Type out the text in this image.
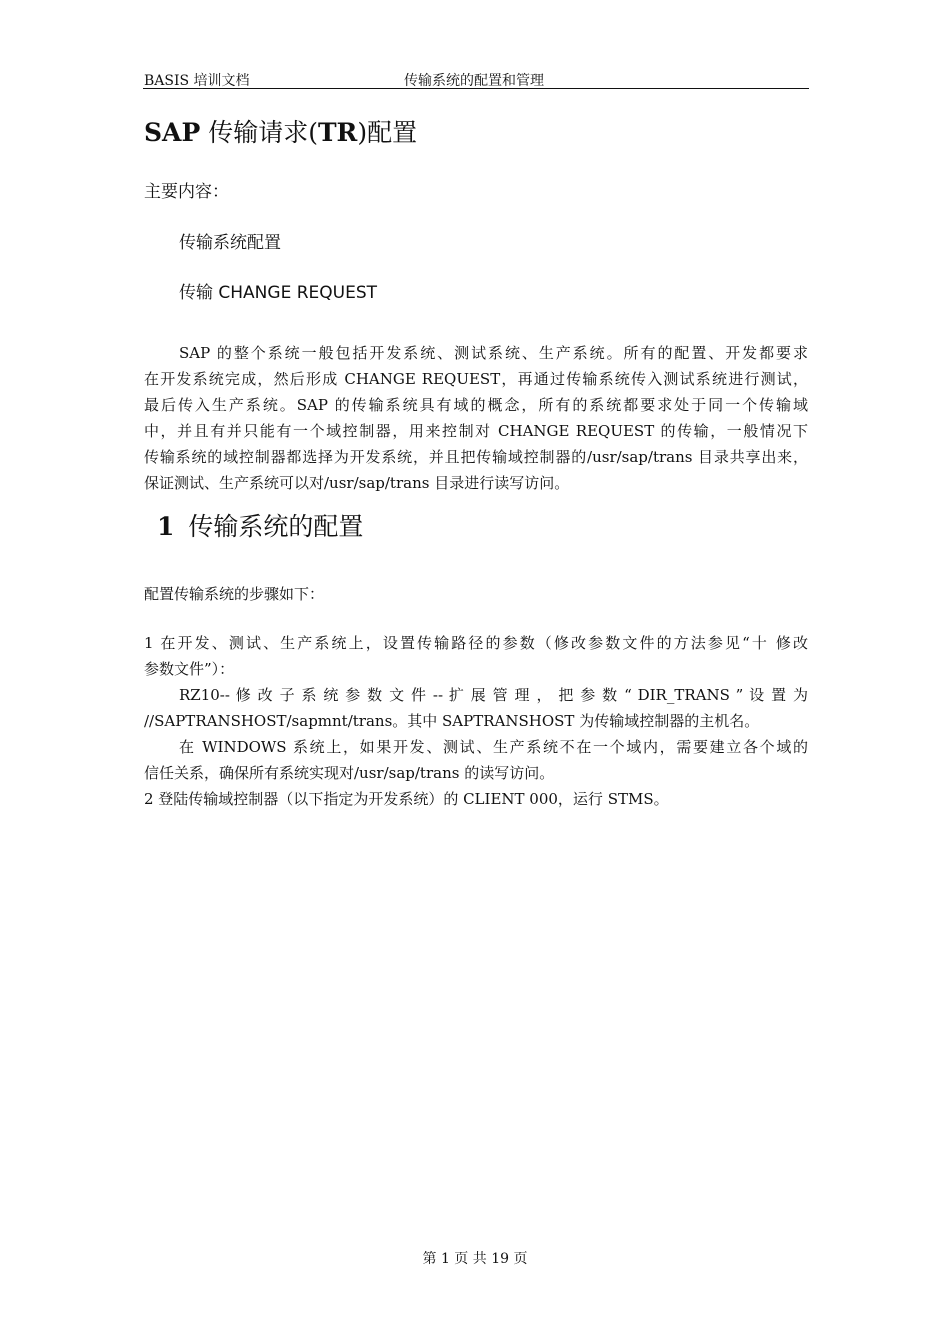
BASIS 培训文档	传输系统的配置和管理
SAP 传输请求(TR)配置
主要内容：
传输系统配置
传输 CHANGE REQUEST
SAP 的整个系统一般包括开发系统、测试系统、生产系统。所有的配置、开发都要求
在开发系统完成，然后形成 CHANGE REQUEST，再通过传输系统传入测试系统进行测试，
最后传入生产系统。SAP 的传输系统具有域的概念，所有的系统都要求处于同一个传输域
中，并且有并只能有一个域控制器，用来控制对 CHANGE REQUEST 的传输，一般情况下
传输系统的域控制器都选择为开发系统，并且把传输域控制器的/usr/sap/trans 目录共享出来，
保证测试、生产系统可以对/usr/sap/trans 目录进行读写访问。
1 传输系统的配置
配置传输系统的步骤如下：
1 在开发、测试、生产系统上，设置传输路径的参数（修改参数文件的方法参见“十 修改
参数文件”）：
RZ10-- 修 改 子 系 统 参 数 文 件 -- 扩 展 管 理 ， 把 参 数 “ DIR_TRANS ” 设 置 为
//SAPTRANSHOST/sapmnt/trans。其中 SAPTRANSHOST 为传输域控制器的主机名。
在 WINDOWS 系统上，如果开发、测试、生产系统不在一个域内，需要建立各个域的
信任关系，确保所有系统实现对/usr/sap/trans 的读写访问。
2 登陆传输域控制器（以下指定为开发系统）的 CLIENT 000，运行 STMS。
第 1 页 共 19 页
